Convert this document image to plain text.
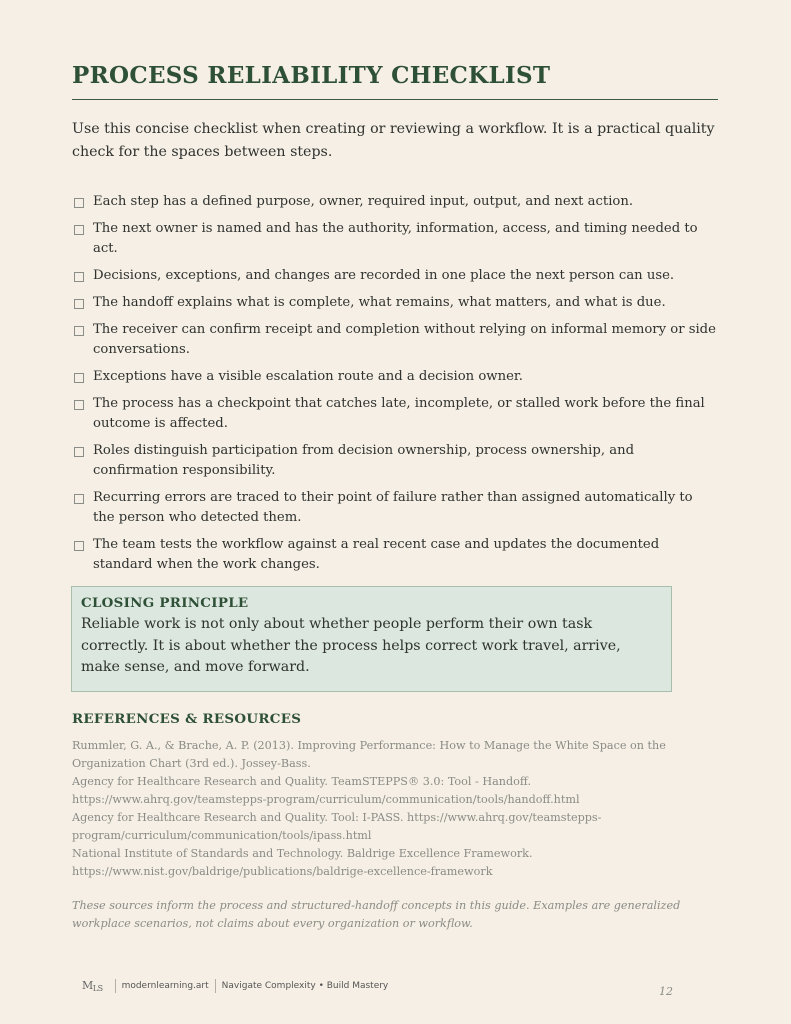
PROCESS RELIABILITY CHECKLIST

Use this concise checklist when creating or reviewing a workflow. It is a practical quality check for the spaces between steps.

Each step has a defined purpose, owner, required input, output, and next action.
The next owner is named and has the authority, information, access, and timing needed to act.
Decisions, exceptions, and changes are recorded in one place the next person can use.
The handoff explains what is complete, what remains, what matters, and what is due.
The receiver can confirm receipt and completion without relying on informal memory or side conversations.
Exceptions have a visible escalation route and a decision owner.
The process has a checkpoint that catches late, incomplete, or stalled work before the final outcome is affected.
Roles distinguish participation from decision ownership, process ownership, and confirmation responsibility.
Recurring errors are traced to their point of failure rather than assigned automatically to the person who detected them.
The team tests the workflow against a real recent case and updates the documented standard when the work changes.
CLOSING PRINCIPLE
Reliable work is not only about whether people perform their own task correctly. It is about whether the process helps correct work travel, arrive, make sense, and move forward.
REFERENCES & RESOURCES
Rummler, G. A., & Brache, A. P. (2013). Improving Performance: How to Manage the White Space on the Organization Chart (3rd ed.). Jossey-Bass.
Agency for Healthcare Research and Quality. TeamSTEPPS® 3.0: Tool - Handoff. https://www.ahrq.gov/teamstepps-program/curriculum/communication/tools/handoff.html
Agency for Healthcare Research and Quality. Tool: I-PASS. https://www.ahrq.gov/teamstepps-program/curriculum/communication/tools/ipass.html
National Institute of Standards and Technology. Baldrige Excellence Framework. https://www.nist.gov/baldrige/publications/baldrige-excellence-framework
These sources inform the process and structured-handoff concepts in this guide. Examples are generalized workplace scenarios, not claims about every organization or workflow.
$M_{LS}$	modernlearning.art Navigate Complexity • Build Mastery	12
